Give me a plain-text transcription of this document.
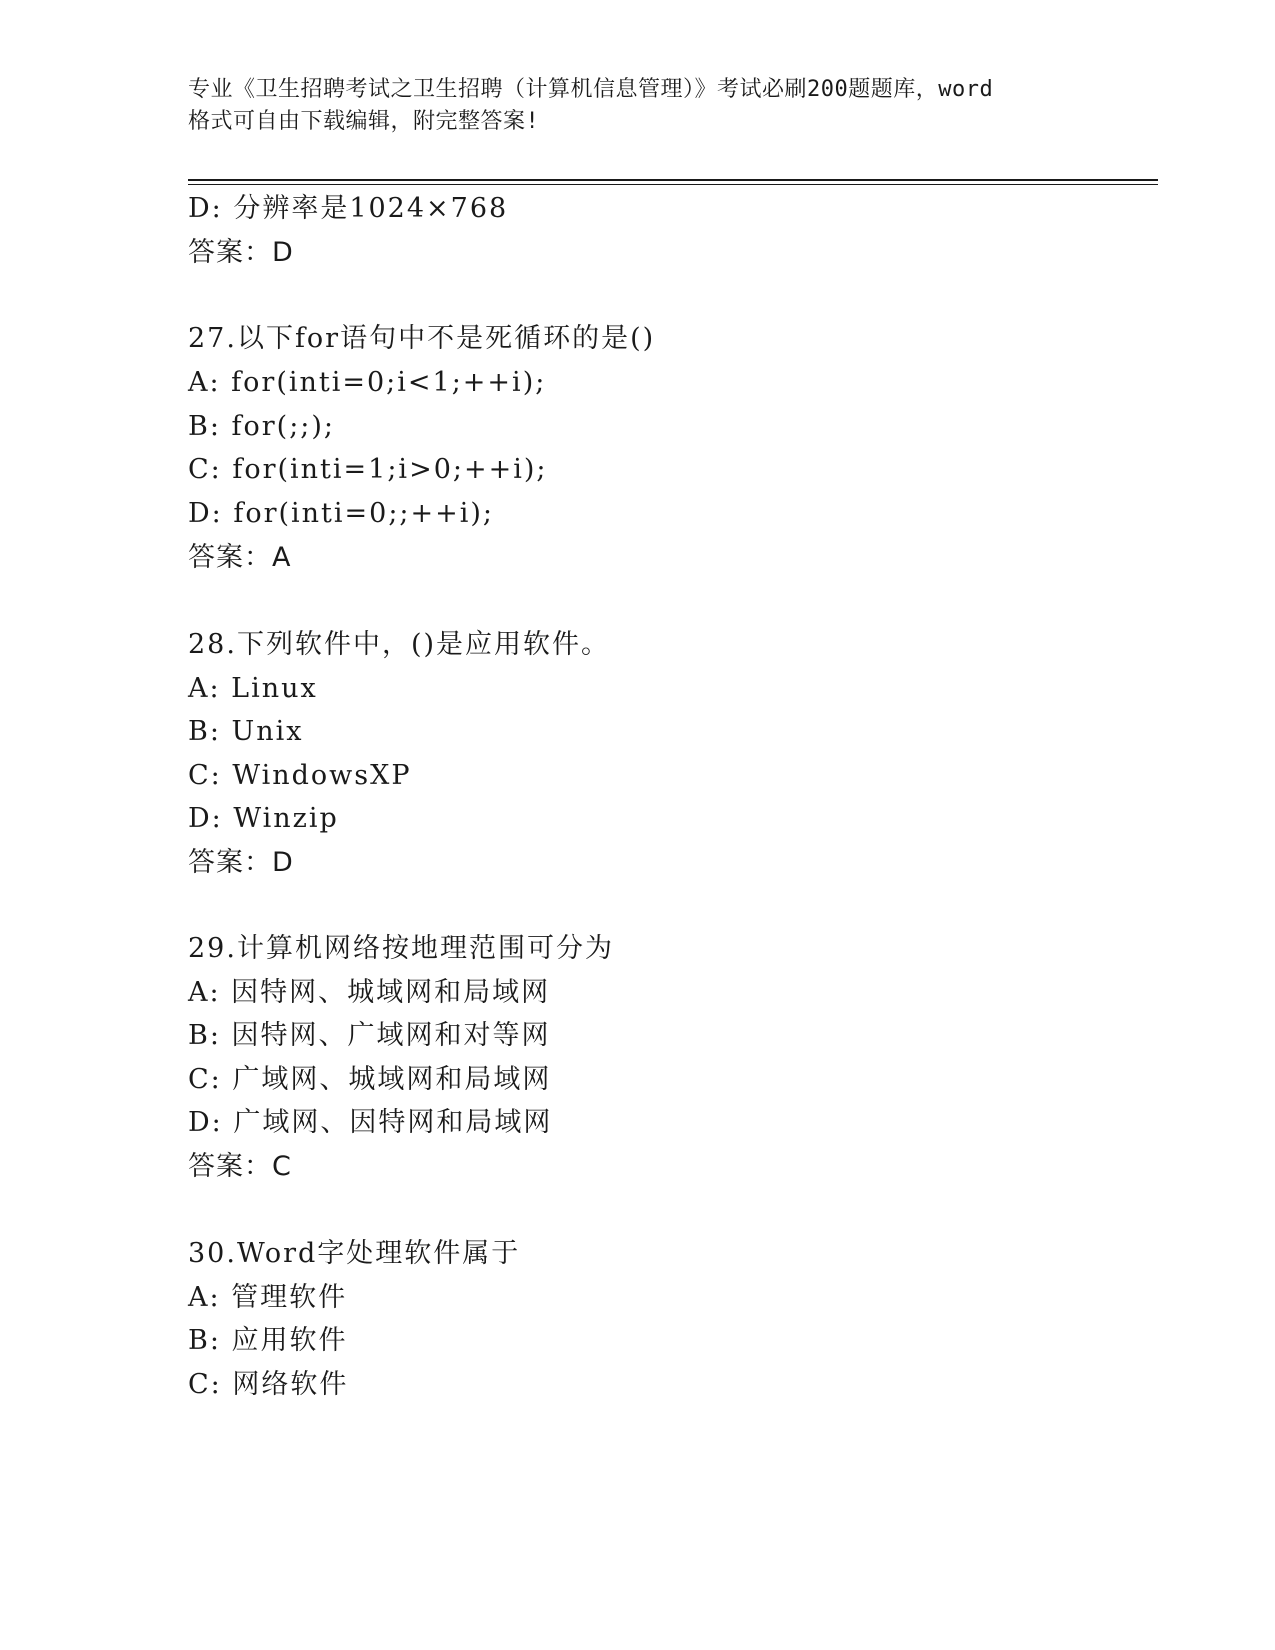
专业《卫生招聘考试之卫生招聘（计算机信息管理）》考试必刷200题题库，word
格式可自由下载编辑，附完整答案!
D: 分辨率是1024×768
答案：D
27.以下for语句中不是死循环的是()
A: for(inti=0;i<1;++i);
B: for(;;);
C: for(inti=1;i>0;++i);
D: for(inti=0;;++i);
答案：A
28.下列软件中，()是应用软件。
A: Linux
B: Unix
C: WindowsXP
D: Winzip
答案：D
29.计算机网络按地理范围可分为
A: 因特网、城域网和局域网
B: 因特网、广域网和对等网
C: 广域网、城域网和局域网
D: 广域网、因特网和局域网
答案：C
30.Word字处理软件属于
A: 管理软件
B: 应用软件
C: 网络软件
